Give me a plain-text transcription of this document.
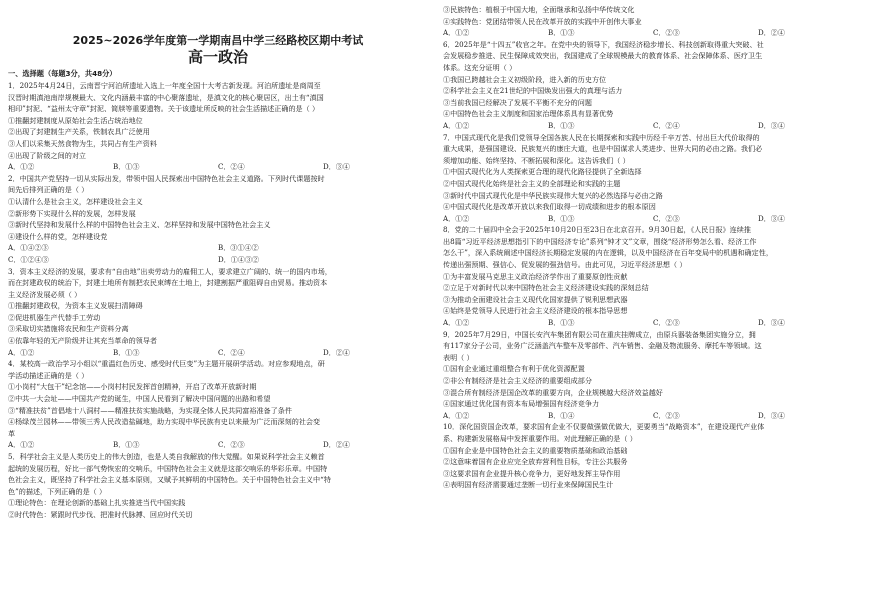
2025~2026学年度第一学期南昌中学三经路校区期中考试
高一政治
一、选择题（每题3分，共48分）
1．2025年4月24日，云南晋宁河泊所遗址入选上一年度全国十大考古新发现。河泊所遗址是商周至
汉晋时期滇池南岸规模最大、文化内涵最丰富的中心聚落遗址，是滇文化的核心聚居区，出土有“滇国
相印”封泥、“益州太守章”封泥、简牍等重要遗物。关于该遗址所反映的社会生活描述正确的是（ ）
①推翻封建制度从原始社会生活占统治地位
②出现了封建制生产关系，铁制农具广泛使用
③人们以采集天然食物为生，共同占有生产资料
④出现了阶级之间的对立
A．①②	B．①③	C．②④	D．③④
2．中国共产党坚持一切从实际出发，带领中国人民探索出中国特色社会主义道路。下列时代课题按时
间先后排列正确的是（ ）
①认清什么是社会主义，怎样建设社会主义
②新形势下实现什么样的发展，怎样发展
③新时代坚持和发展什么样的中国特色社会主义、怎样坚持和发展中国特色社会主义
④建设什么样的党，怎样建设党
A．①④②③	B．③①④②
C．①②④③	D．①④③②
3．资本主义经济的发展，要求有“自由地”出卖劳动力的雇佣工人，要求建立广阔的、统一的国内市场，
而在封建政权的统治下，封建土地所有制把农民束缚在土地上，封建割据严重阻碍自由贸易。推动资本
主义经济发展必须（ ）
①推翻封建政权，为资本主义发展扫清障碍
②促进机器生产代替手工劳动
③采取切实措施将农民和生产资料分离
④依靠年轻的无产阶级并让其充当革命的领导者
A．①②	B．①③	C．②④	D．②④
4．某校高一政治学习小组以“重温红色历史、感受时代巨变”为主题开展研学活动。对应参观地点，研
学活动描述正确的是（ ）
①小岗村“大包干”纪念馆——小岗村村民发挥首创精神，开启了改革开放新时期
②中共一大会址——中国共产党的诞生，中国人民看到了解决中国问题的出路和希望
③“精准扶贫”首倡地十八洞村——精准扶贫实施战略，为实现全体人民共同富裕准备了条件
④杨绿茂兰园林——带领三秀人民改造盐碱地，助力实现中华民族有史以来最为广泛而深刻的社会变
革
A．①②	B．①③	C．②③	D．②④
5．科学社会主义是人类历史上的伟大创造，也是人类自我解放的伟大觉醒。如果说科学社会主义赖首
起统的发展历程，好比一部气势恢宏的交响乐，中国特色社会主义就是这部交响乐的华彩乐章。中国特
色社会主义，既坚持了科学社会主义基本原则，又赋予其鲜明的中国特色。关于中国特色社会主义中“特
色”的描述，下列正确的是（ ）
①理论特色：在理论创新的基础上扎实推进当代中国实践
②时代特色：紧跟时代步伐、把准时代脉搏、回应时代关切
③民族特色：植根于中国大地，全面继承和弘扬中华传统文化
④实践特色：党团结带领人民在改革开放的实践中开创伟大事业
A．①②	B．①③	C．②③	D．②④
6．2025年是“十四五”收官之年。在党中央的领导下，我国经济稳步增长、科技创新取得重大突破、社
会发展稳步推进、民生保障成效突出，我国建成了全球规模最大的教育体系、社会保障体系、医疗卫生
体系。这充分证明（ ）
①我国已跨越社会主义初级阶段，进入新的历史方位
②科学社会主义在21世纪的中国焕发出强大的真理与活力
③当前我国已经解决了发展不平衡不充分的问题
④中国特色社会主义制度和国家治理体系具有显著优势
A．①②	B．①③	C．②④	D．③④
7．中国式现代化是我们党领导全国各族人民在长期探索和实践中历经千辛万苦、付出巨大代价取得的
重大成果，是强国建设、民族复兴的康庄大道，也是中国谋求人类进步、世界大同的必由之路。我们必
须增加动能、始终坚持、不断拓展和深化。这告诉我们（ ）
①中国式现代化为人类探索更合理的现代化路径提供了全新选择
②中国式现代化始终是社会主义的全部理论和实践的主题
③新时代中国式现代化是中华民族实现伟大复兴的必然选择与必由之路
④中国式现代化是改革开放以来我们取得一切成绩和进步的根本原因
A．①②	B．①③	C．②③	D．③④
8．党的二十届四中全会于2025年10月20日至23日在北京召开。9月30日起，《人民日报》连续推
出8篇“习近平经济思想指引下的中国经济专论”系列“钟才文”文章，围绕“经济形势怎么看、经济工作
怎么干”，深入系统阐述中国经济长期稳定发展的内在逻辑，以及中国经济在百年变局中的机遇和确定性，
传递出强预期、强信心、促发展的强劲信号。由此可见，习近平经济思想（ ）
①为丰富发展马克思主义政治经济学作出了重要原创性贡献
②立足于对新时代以来中国特色社会主义经济建设实践的深刻总结
③为推动全面建设社会主义现代化国家提供了锐利思想武器
④始终是党领导人民进行社会主义经济建设的根本指导思想
A．①②	B．①③	C．②③	D．③④
9．2025年7月29日，中国长安汽车集团有限公司在重庆挂牌成立，由原兵器装备集团实施分立，拥
有117家分子公司，业务广泛涵盖汽车整车及零部件、汽车销售、金融及物流服务、摩托车等领域。这
表明（ ）
①国有企业通过重组整合有利于优化资源配置
②非公有制经济是社会主义经济的重要组成部分
③混合所有制经济是国企改革的重要方向，企业规模越大经济效益越好
④国家通过优化国有资本布局增强国有经济竞争力
A．①②	B．①④	C．②③	D．③④
10．深化国资国企改革，要求国有企业不仅要做强做优做大，更要勇当“战略资本”，在建设现代产业体
系、构建新发展格局中发挥重要作用。对此理解正确的是（ ）
①国有企业是中国特色社会主义的重要物质基础和政治基础
②这意味着国有企业应完全放弃营利性目标，专注公共服务
③这要求国有企业提升核心竞争力，更好地发挥主导作用
④表明国有经济需要通过垄断一切行业来保障国民生计
